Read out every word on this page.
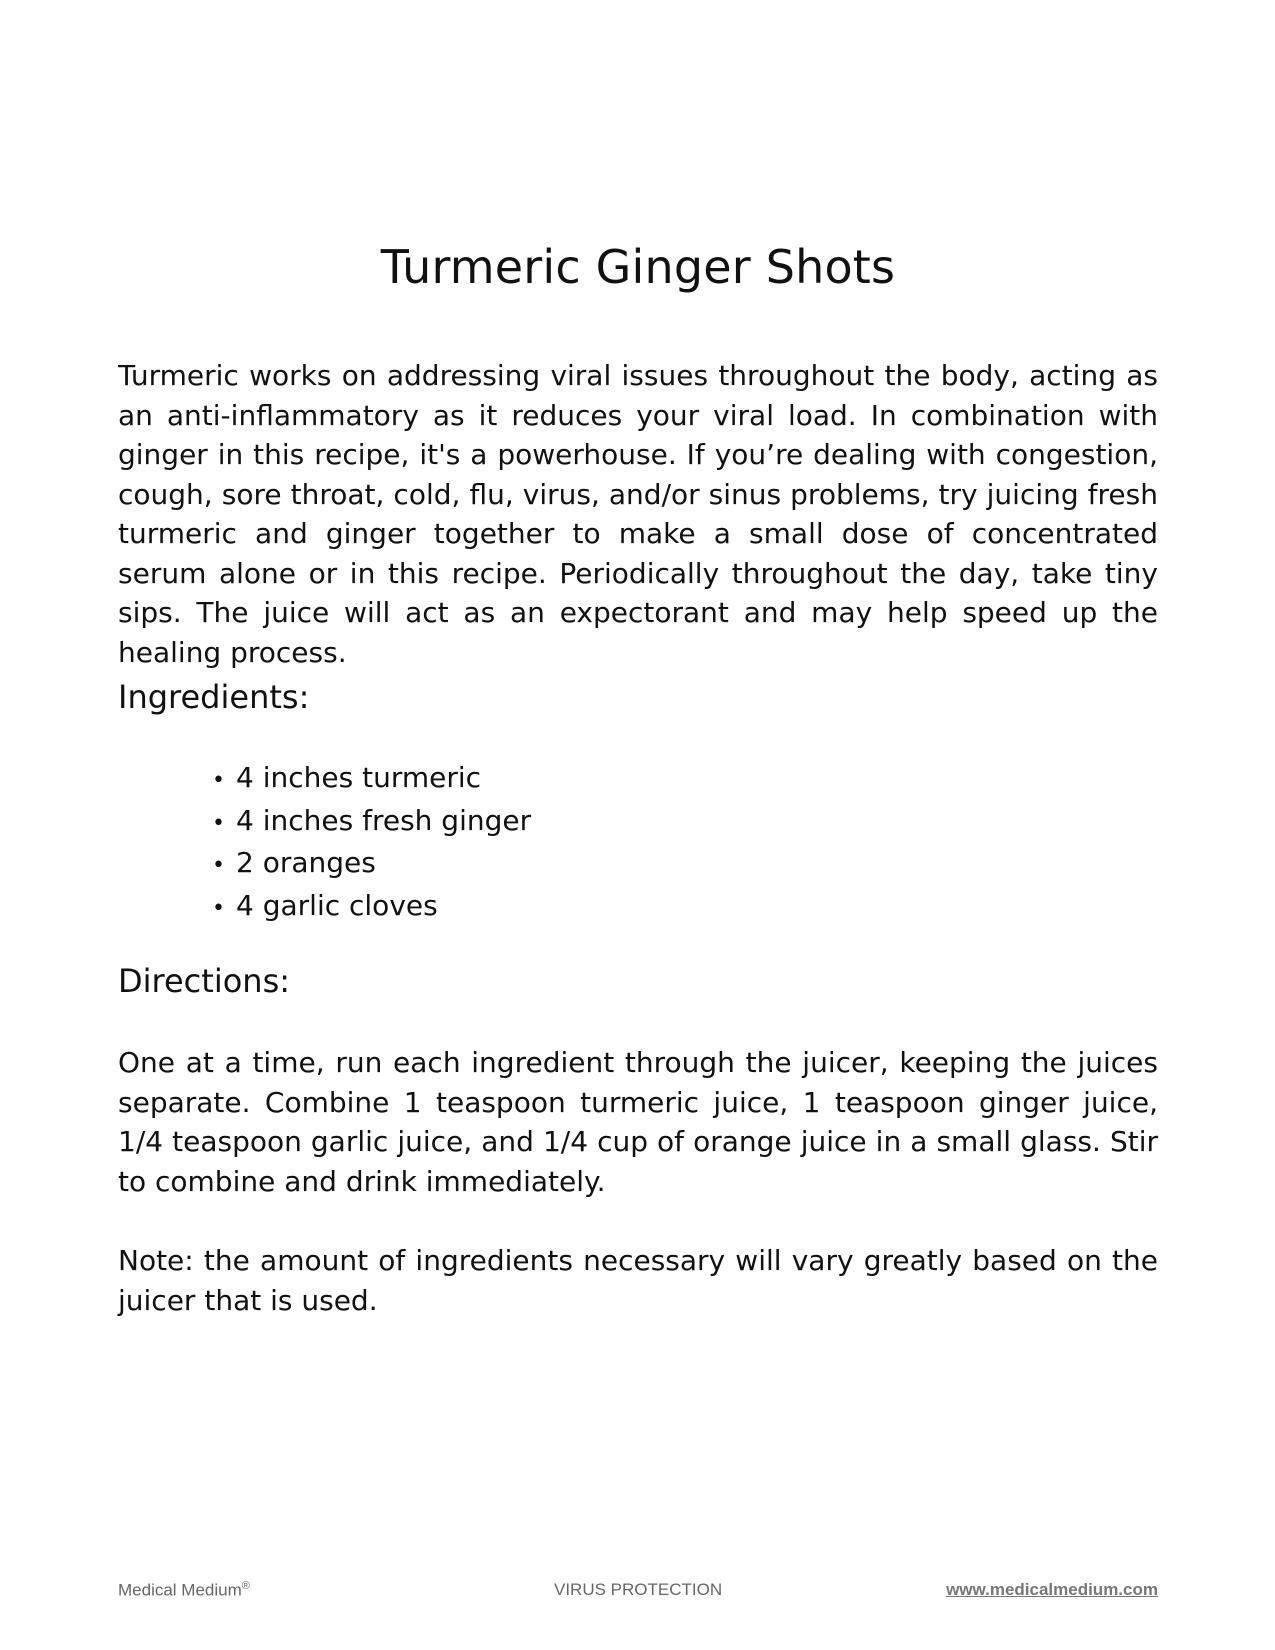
Turmeric Ginger Shots

Turmeric works on addressing viral issues throughout the body, acting as an anti-inflammatory as it reduces your viral load. In combination with ginger in this recipe, it's a powerhouse. If you’re dealing with congestion, cough, sore throat, cold, flu, virus, and/or sinus problems, try juicing fresh turmeric and ginger together to make a small dose of concentrated serum alone or in this recipe. Periodically throughout the day, take tiny sips. The juice will act as an expectorant and may help speed up the healing process.

Ingredients:
• 4 inches turmeric
• 4 inches fresh ginger
• 2 oranges
• 4 garlic cloves
Directions:

One at a time, run each ingredient through the juicer, keeping the juices separate. Combine 1 teaspoon turmeric juice, 1 teaspoon ginger juice, 1/4 teaspoon garlic juice, and 1/4 cup of orange juice in a small glass. Stir to combine and drink immediately.

Note: the amount of ingredients necessary will vary greatly based on the juicer that is used.

Medical Medium®	VIRUS PROTECTION	www.medicalmedium.com
